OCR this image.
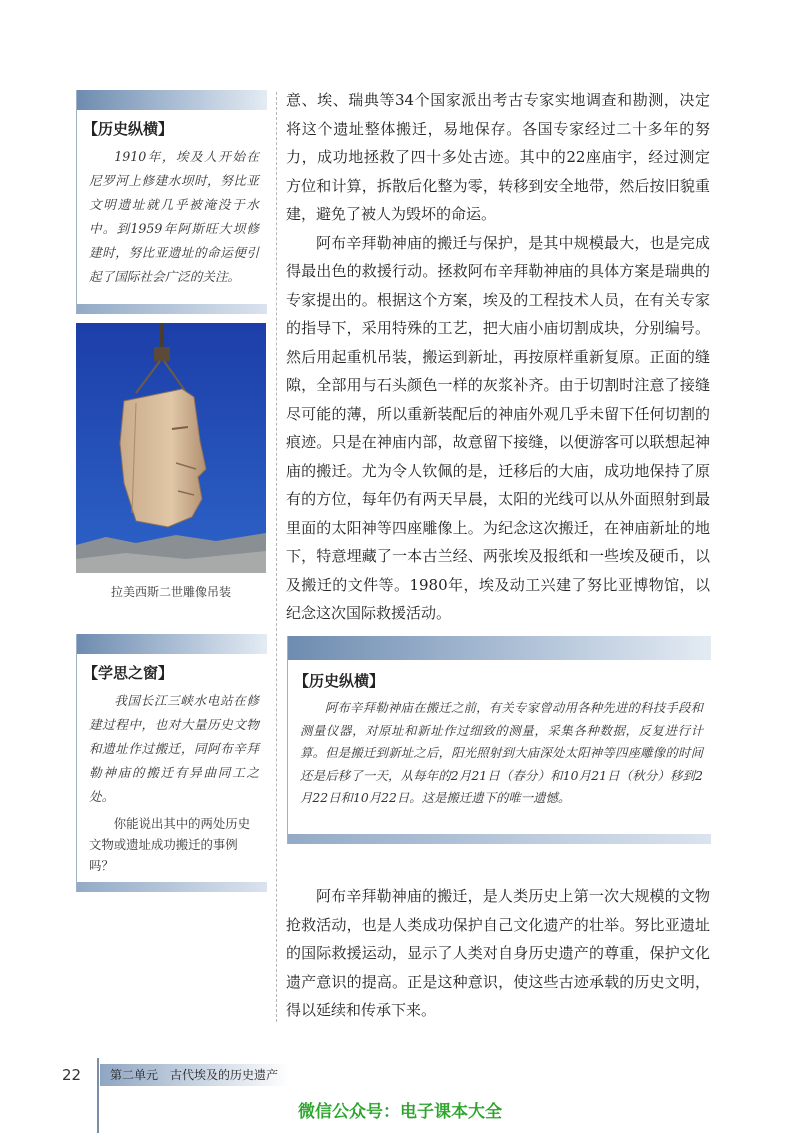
【历史纵横】
1910年，埃及人开始在尼罗河上修建水坝时，努比亚文明遗址就几乎被淹没于水中。到1959年阿斯旺大坝修建时，努比亚遗址的命运便引起了国际社会广泛的关注。
拉美西斯二世雕像吊装
【学思之窗】
我国长江三峡水电站在修建过程中，也对大量历史文物和遗址作过搬迁，同阿布辛拜勒神庙的搬迁有异曲同工之处。
你能说出其中的两处历史文物或遗址成功搬迁的事例吗？

意、埃、瑞典等34个国家派出考古专家实地调查和勘测，决定将这个遗址整体搬迁，易地保存。各国专家经过二十多年的努力，成功地拯救了四十多处古迹。其中的22座庙宇，经过测定方位和计算，拆散后化整为零，转移到安全地带，然后按旧貌重建，避免了被人为毁坏的命运。

阿布辛拜勒神庙的搬迁与保护，是其中规模最大，也是完成得最出色的救援行动。拯救阿布辛拜勒神庙的具体方案是瑞典的专家提出的。根据这个方案，埃及的工程技术人员，在有关专家的指导下，采用特殊的工艺，把大庙小庙切割成块，分别编号。然后用起重机吊装，搬运到新址，再按原样重新复原。正面的缝隙，全部用与石头颜色一样的灰浆补齐。由于切割时注意了接缝尽可能的薄，所以重新装配后的神庙外观几乎未留下任何切割的痕迹。只是在神庙内部，故意留下接缝，以便游客可以联想起神庙的搬迁。尤为令人钦佩的是，迁移后的大庙，成功地保持了原有的方位，每年仍有两天早晨，太阳的光线可以从外面照射到最里面的太阳神等四座雕像上。为纪念这次搬迁，在神庙新址的地下，特意埋藏了一本古兰经、两张埃及报纸和一些埃及硬币，以及搬迁的文件等。1980年，埃及动工兴建了努比亚博物馆，以纪念这次国际救援活动。

【历史纵横】
阿布辛拜勒神庙在搬迁之前，有关专家曾动用各种先进的科技手段和测量仪器，对原址和新址作过细致的测量，采集各种数据，反复进行计算。但是搬迁到新址之后，阳光照射到大庙深处太阳神等四座雕像的时间还是后移了一天，从每年的2月21日（春分）和10月21日（秋分）移到2月22日和10月22日。这是搬迁遗下的唯一遗憾。

阿布辛拜勒神庙的搬迁，是人类历史上第一次大规模的文物抢救活动，也是人类成功保护自己文化遗产的壮举。努比亚遗址的国际救援运动，显示了人类对自身历史遗产的尊重，保护文化遗产意识的提高。正是这种意识，使这些古迹承载的历史文明，得以延续和传承下来。

22	第二单元　古代埃及的历史遗产
微信公众号：电子课本大全
